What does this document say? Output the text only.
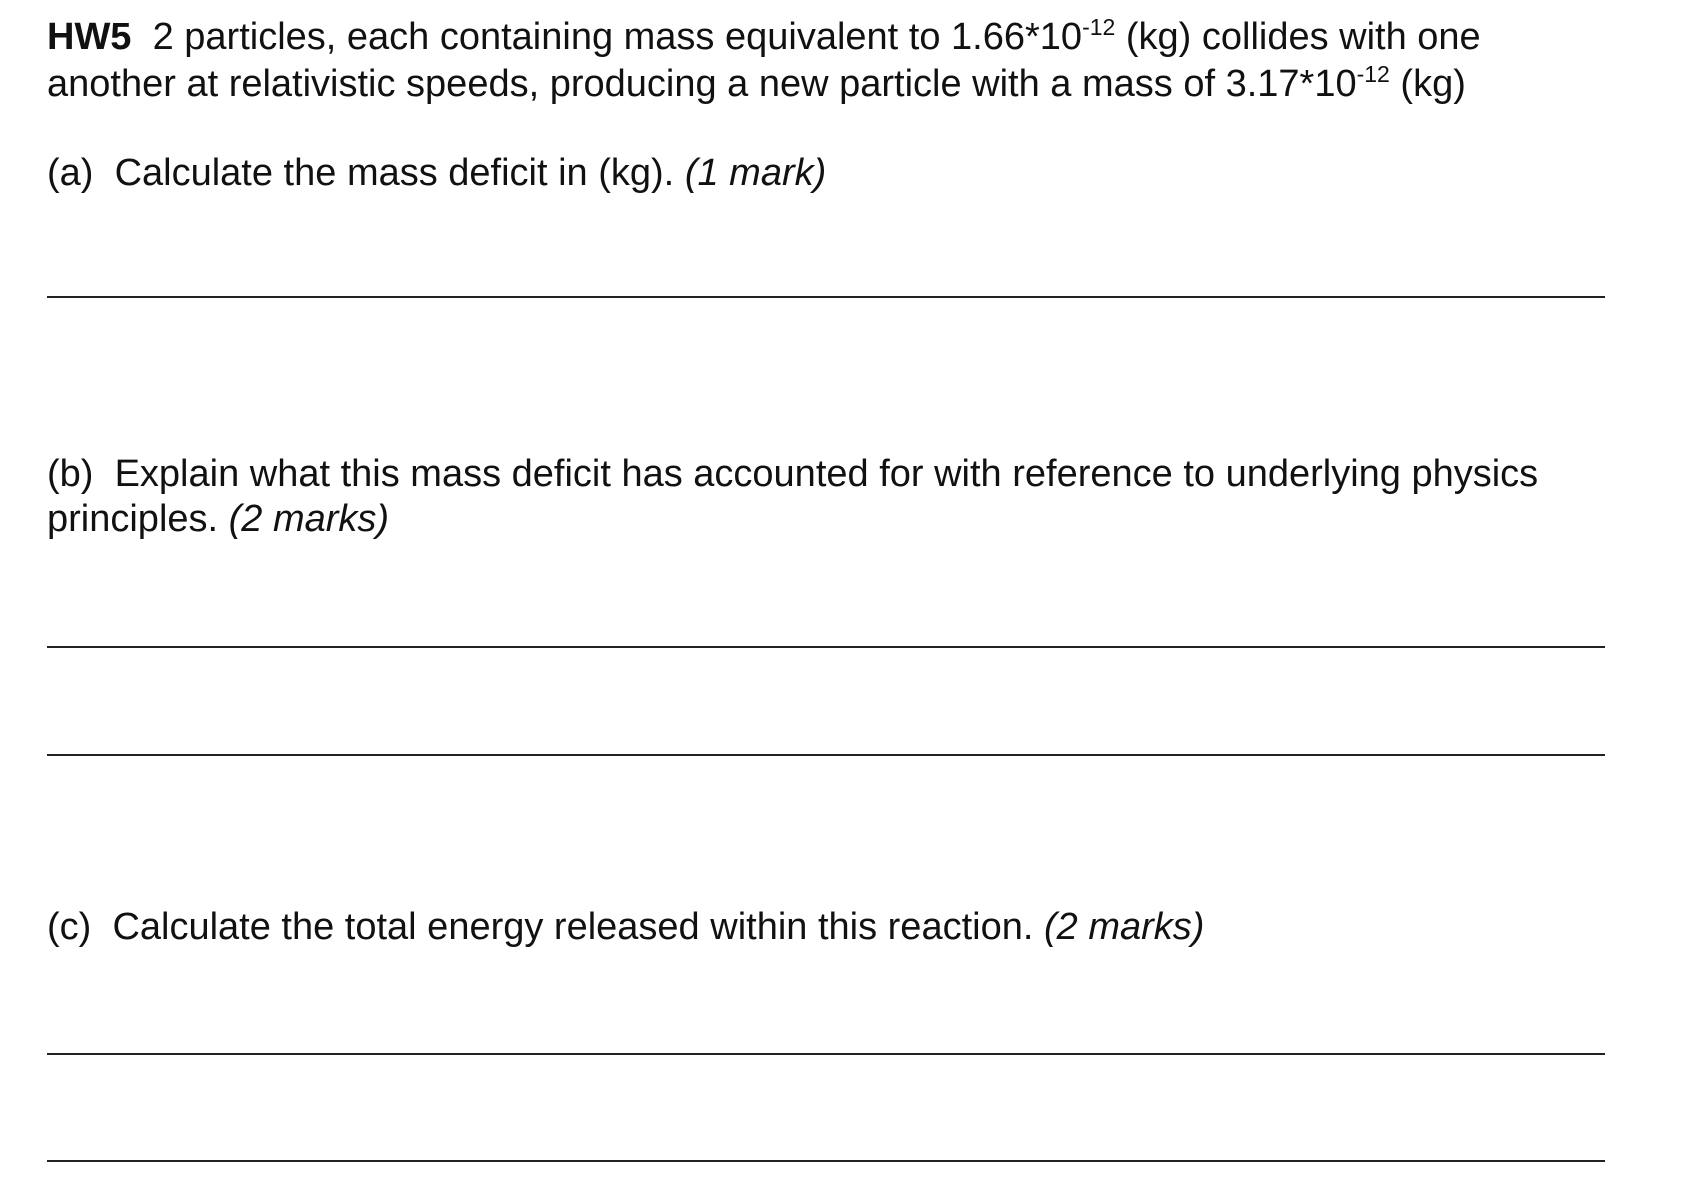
HW5 2 particles, each containing mass equivalent to $1.66*10^{-12}$ (kg) collides with one another at relativistic speeds, producing a new particle with a mass of $3.17*10^{-12}$ (kg)

(a) Calculate the mass deficit in (kg). (1 mark)

(b) Explain what this mass deficit has accounted for with reference to underlying physics principles. (2 marks)

(c) Calculate the total energy released within this reaction. (2 marks)
